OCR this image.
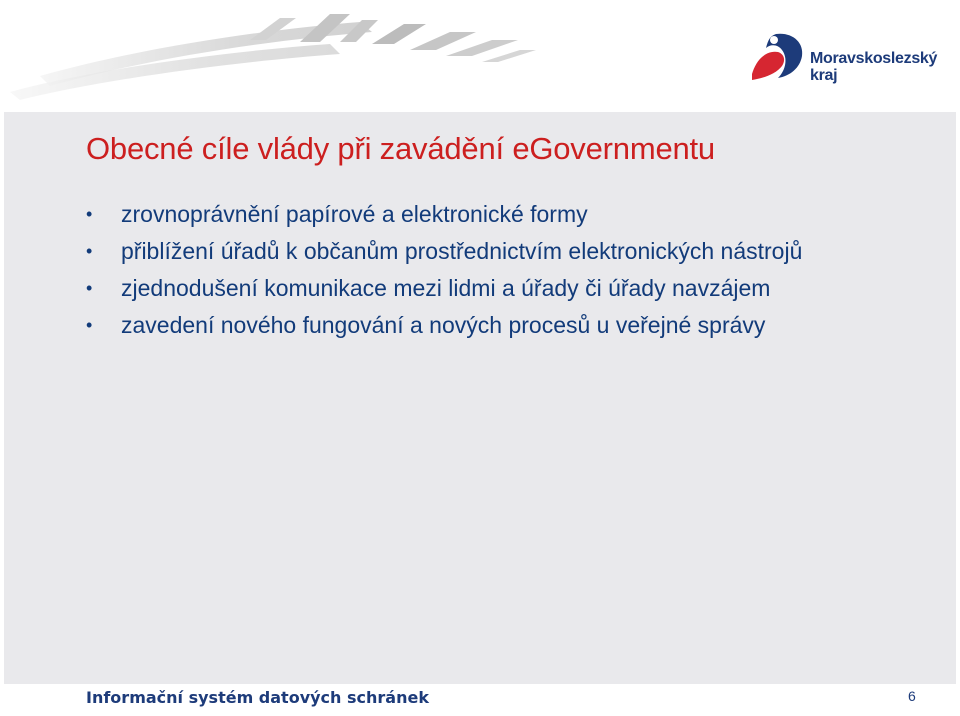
Moravskoslezský
kraj
Obecné cíle vlády při zavádění eGovernmentu
• zrovnoprávnění papírové a elektronické formy
• přiblížení úřadů k občanům prostřednictvím elektronických nástrojů
• zjednodušení komunikace mezi lidmi a úřady či úřady navzájem
• zavedení nového fungování a nových procesů u veřejné správy
Informační systém datových schránek	6
